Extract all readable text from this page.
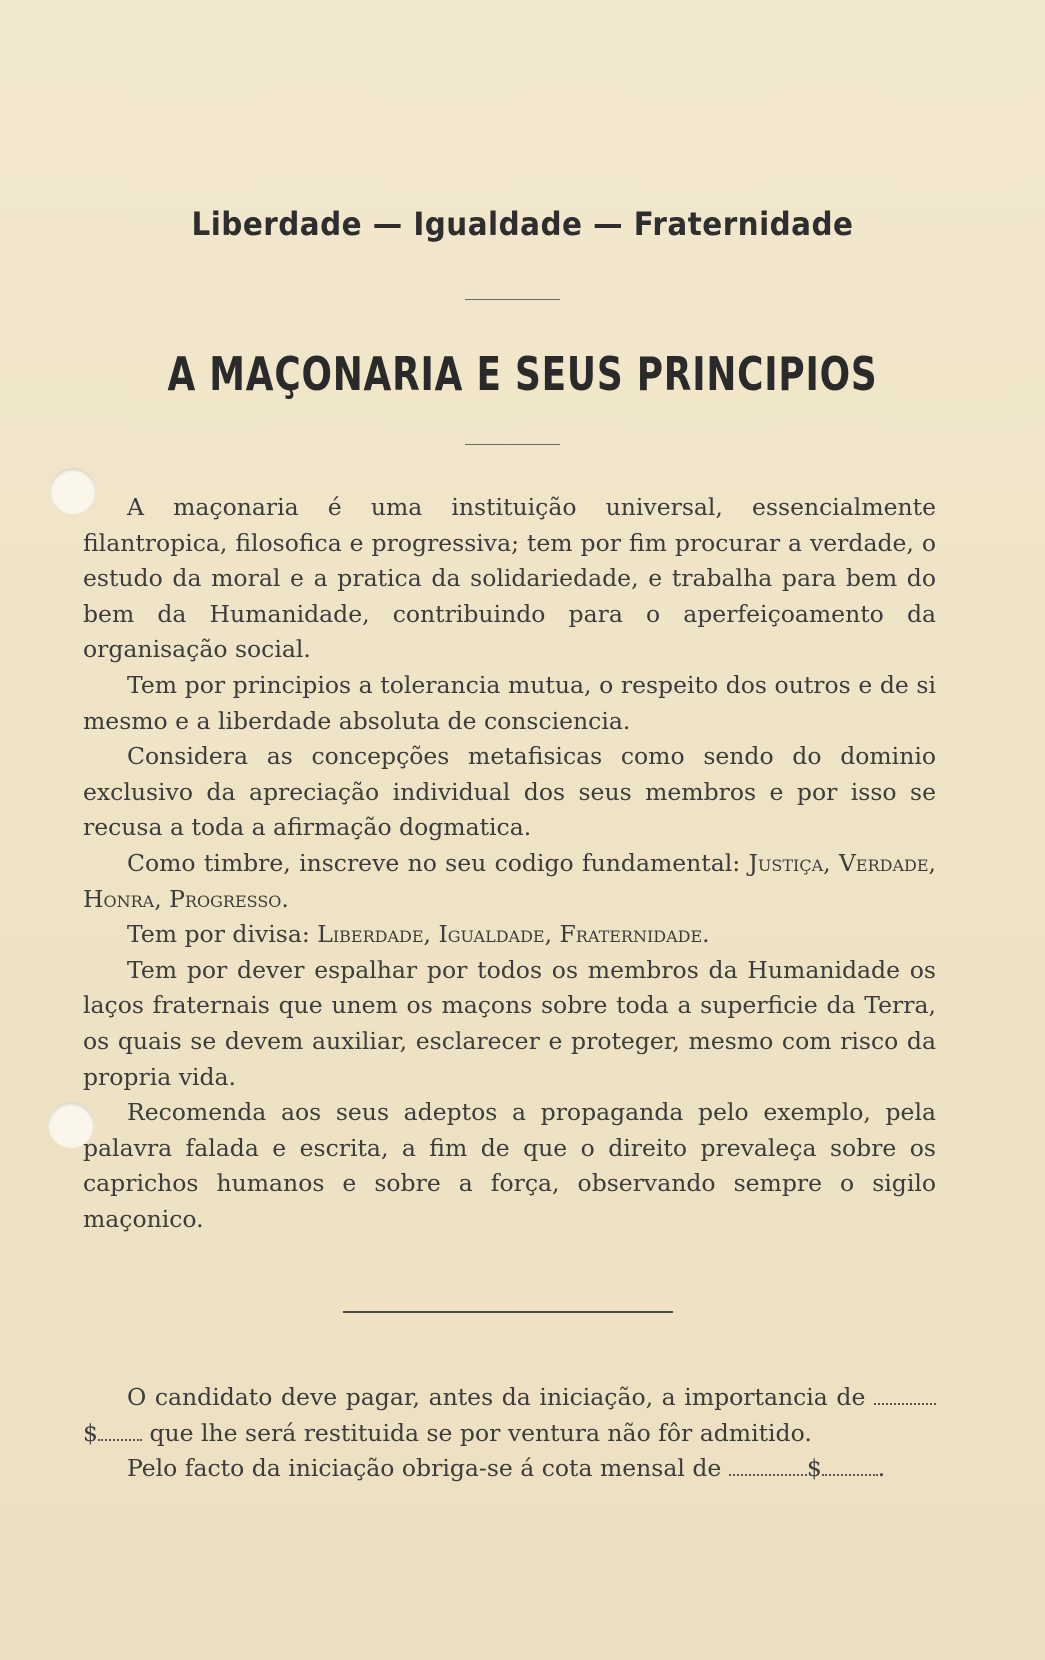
Liberdade — Igualdade — Fraternidade
A MAÇONARIA E SEUS PRINCIPIOS

A maçonaria é uma instituição universal, essencialmente filantropica, filosofica e progressiva; tem por fim procurar a verdade, o estudo da moral e a pratica da solidariedade, e trabalha para bem do bem da Humanidade, contribuindo para o aperfeiçoamento da organisação social.

Tem por principios a tolerancia mutua, o respeito dos outros e de si mesmo e a liberdade absoluta de consciencia.

Considera as concepções metafisicas como sendo do dominio exclusivo da apreciação individual dos seus membros e por isso se recusa a toda a afirmação dogmatica.

Como timbre, inscreve no seu codigo fundamental: Justiça, Verdade, Honra, Progresso.

Tem por divisa: Liberdade, Igualdade, Fraternidade.

Tem por dever espalhar por todos os membros da Humanidade os laços fraternais que unem os maçons sobre toda a superficie da Terra, os quais se devem auxiliar, esclarecer e proteger, mesmo com risco da propria vida.

Recomenda aos seus adeptos a propaganda pelo exemplo, pela palavra falada e escrita, a fim de que o direito prevaleça sobre os caprichos humanos e sobre a força, observando sempre o sigilo maçonico.

O candidato deve pagar, antes da iniciação, a importancia de $ que lhe será restituida se por ventura não fôr admitido.

Pelo facto da iniciação obriga-se á cota mensal de	$ .
